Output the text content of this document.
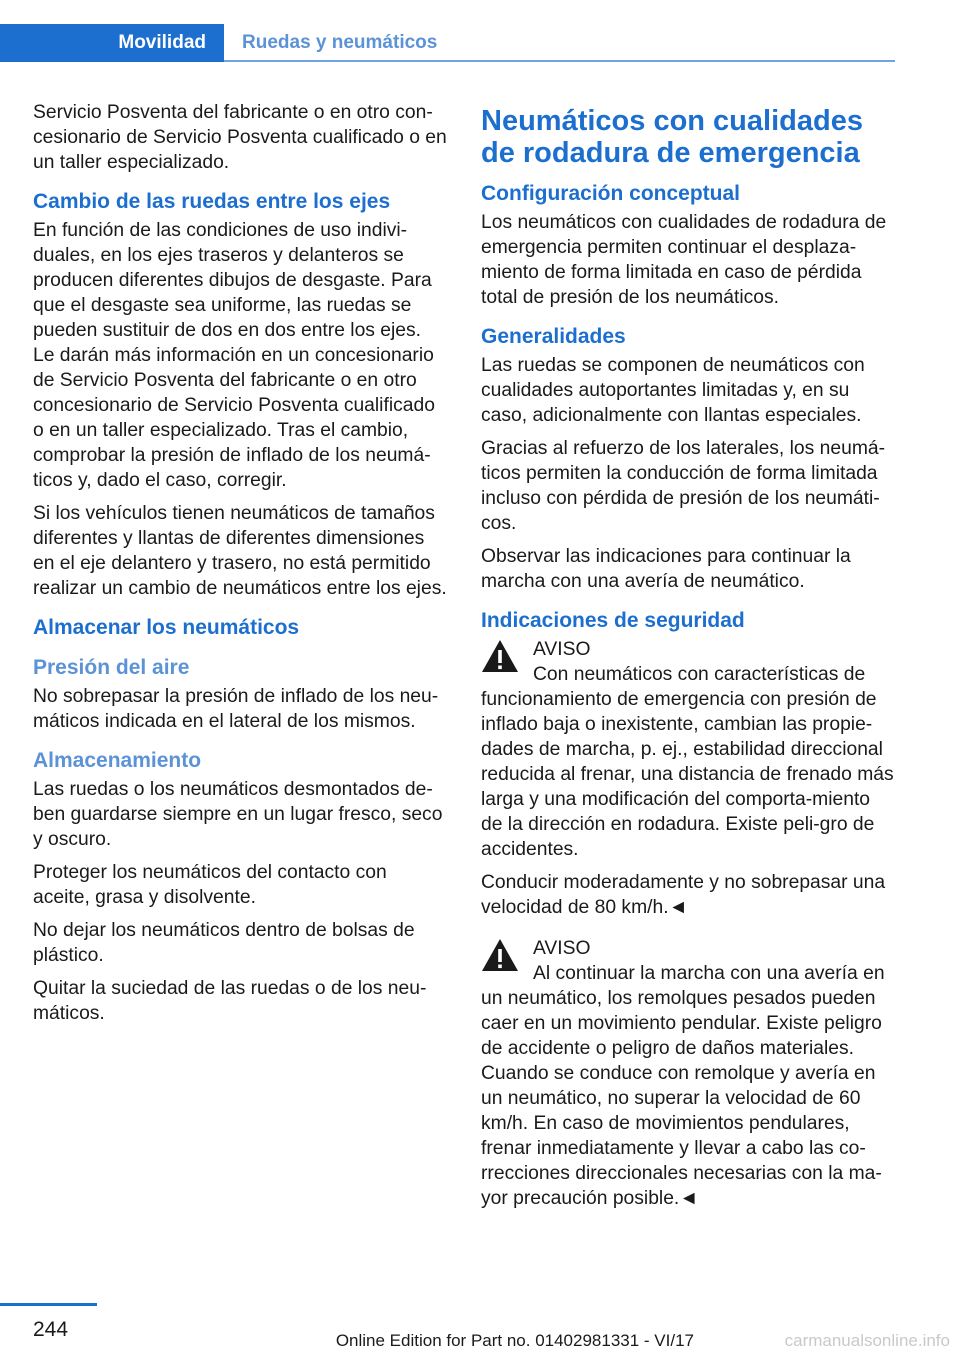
Movilidad	Ruedas y neumáticos

Servicio Posventa del fabricante o en otro con-cesionario de Servicio Posventa cualificado o en un taller especializado.

Cambio de las ruedas entre los ejes

En función de las condiciones de uso indivi-duales, en los ejes traseros y delanteros se producen diferentes dibujos de desgaste. Para que el desgaste sea uniforme, las ruedas se pueden sustituir de dos en dos entre los ejes. Le darán más información en un concesionario de Servicio Posventa del fabricante o en otro concesionario de Servicio Posventa cualificado o en un taller especializado. Tras el cambio, comprobar la presión de inflado de los neumá-ticos y, dado el caso, corregir.

Si los vehículos tienen neumáticos de tamaños diferentes y llantas de diferentes dimensiones en el eje delantero y trasero, no está permitido realizar un cambio de neumáticos entre los ejes.

Almacenar los neumáticos
Presión del aire

No sobrepasar la presión de inflado de los neu-máticos indicada en el lateral de los mismos.

Almacenamiento

Las ruedas o los neumáticos desmontados de-ben guardarse siempre en un lugar fresco, seco y oscuro.

Proteger los neumáticos del contacto con aceite, grasa y disolvente.

No dejar los neumáticos dentro de bolsas de plástico.

Quitar la suciedad de las ruedas o de los neu-máticos.

Neumáticos con cualidades de rodadura de emergencia
Configuración conceptual

Los neumáticos con cualidades de rodadura de emergencia permiten continuar el desplaza-miento de forma limitada en caso de pérdida total de presión de los neumáticos.

Generalidades

Las ruedas se componen de neumáticos con cualidades autoportantes limitadas y, en su caso, adicionalmente con llantas especiales.

Gracias al refuerzo de los laterales, los neumá-ticos permiten la conducción de forma limitada incluso con pérdida de presión de los neumáti-cos.

Observar las indicaciones para continuar la marcha con una avería de neumático.

Indicaciones de seguridad
AVISO

Con neumáticos con características de funcionamiento de emergencia con presión de inflado baja o inexistente, cambian las propie-dades de marcha, p. ej., estabilidad direccional reducida al frenar, una distancia de frenado más larga y una modificación del comporta-miento de la dirección en rodadura. Existe peli-gro de accidentes.

Conducir moderadamente y no sobrepasar una velocidad de 80 km/h.◄

AVISO

Al continuar la marcha con una avería en un neumático, los remolques pesados pueden caer en un movimiento pendular. Existe peligro de accidente o peligro de daños materiales. Cuando se conduce con remolque y avería en un neumático, no superar la velocidad de 60 km/h. En caso de movimientos pendulares, frenar inmediatamente y llevar a cabo las co-rrecciones direccionales necesarias con la ma-yor precaución posible.◄

244	Online Edition for Part no. 01402981331 - VI/17	carmanualsonline.info
